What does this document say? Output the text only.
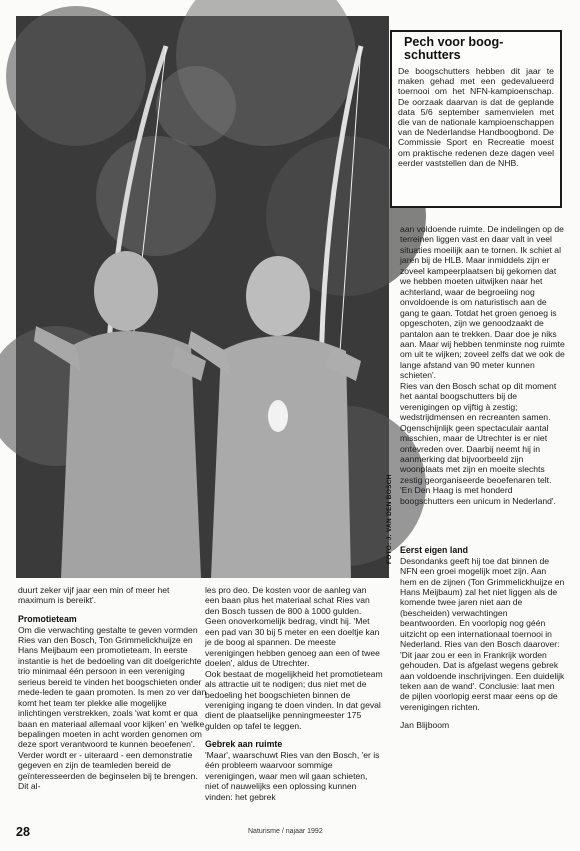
FOTO: J. VAN DEN BOSCH
Pech voor boog-
schutters

De boogschutters hebben dit jaar te maken gehad met een gedevalueerd toernooi om het NFN-kampioenschap. De oorzaak daarvan is dat de geplande data 5/6 september samenvielen met die van de nationale kampioenschappen van de Nederlandse Handboogbond. De Commissie Sport en Recreatie moest om praktische redenen deze dagen veel eerder vaststellen dan de NHB.

aan voldoende ruimte. De indelingen op de terreinen liggen vast en daar valt in veel situaties moeilijk aan te tornen. Ik schiet al jaren bij de HLB. Maar inmiddels zijn er zoveel kampeerplaatsen bij gekomen dat we hebben moeten uitwijken naar het achterland, waar de begroeiing nog onvoldoende is om naturistisch aan de gang te gaan. Totdat het groen genoeg is opgeschoten, zijn we genoodzaakt de pantalon aan te trekken. Daar doe je niks aan. Maar wij hebben tenminste nog ruimte om uit te wijken; zoveel zelfs dat we ook de lange afstand van 90 meter kunnen schieten'.

Ries van den Bosch schat op dit moment het aantal boogschutters bij de verenigingen op vijftig à zestig; wedstrijdmensen en recreanten samen. Ogenschijnlijk geen spectaculair aantal misschien, maar de Utrechter is er niet ontevreden over. Daarbij neemt hij in aanmerking dat bijvoorbeeld zijn woonplaats met zijn en moeite slechts zestig georganiseerde beoefenaren telt. 'En Den Haag is met honderd boogschutters een unicum in Nederland'.

duurt zeker vijf jaar een min of meer het maximum is bereikt'.

Promotieteam

Om die verwachting gestalte te geven vormden Ries van den Bosch, Ton Grimmelickhuijze en Hans Meijbaum een promotieteam. In eerste instantie is het de bedoeling van dit doelgerichte trio minimaal één persoon in een vereniging serieus bereid te vinden het boogschieten onder mede-leden te gaan promoten. Is men zo ver dan komt het team ter plekke alle mogelijke inlichtingen verstrekken, zoals 'wat komt er qua baan en materiaal allemaal voor kijken' en 'welke bepalingen moeten in acht worden genomen om deze sport verantwoord te kunnen beoefenen'. Verder wordt er - uiteraard - een demonstratie gegeven en zijn de teamleden bereid de geïnteresseerden de beginselen bij te brengen. Dit al-

les pro deo. De kosten voor de aanleg van een baan plus het materiaal schat Ries van den Bosch tussen de 800 à 1000 gulden. Geen onoverkomelijk bedrag, vindt hij. 'Met een pad van 30 bij 5 meter en een doeltje kan je de boog al spannen. De meeste verenigingen hebben genoeg aan een of twee doelen', aldus de Utrechter.

Ook bestaat de mogelijkheid het promotieteam als attractie uit te nodigen; dus niet met de bedoeling het boogschieten binnen de vereniging ingang te doen vinden. In dat geval dient de plaatselijke penningmeester 175 gulden op tafel te leggen.

Gebrek aan ruimte

'Maar', waarschuwt Ries van den Bosch, 'er is één probleem waarvoor sommige verenigingen, waar men wil gaan schieten, niet of nauwelijks een oplossing kunnen vinden: het gebrek

Eerst eigen land

Desondanks geeft hij toe dat binnen de NFN een groei mogelijk moet zijn. Aan hem en de zijnen (Ton Grimmelickhuijze en Hans Meijbaum) zal het niet liggen als de komende twee jaren niet aan de (bescheiden) verwachtingen beantwoorden. En voorlopig nog géén uitzicht op een internationaal toernooi in Nederland. Ries van den Bosch daarover: 'Dit jaar zou er een in Frankrijk worden gehouden. Dat is afgelast wegens gebrek aan voldoende inschrijvingen. Een duidelijk teken aan de wand'. Conclusie: laat men de pijlen voorlopig eerst maar eens op de verenigingen richten.

Jan Blijboom

28	Naturisme / najaar 1992
